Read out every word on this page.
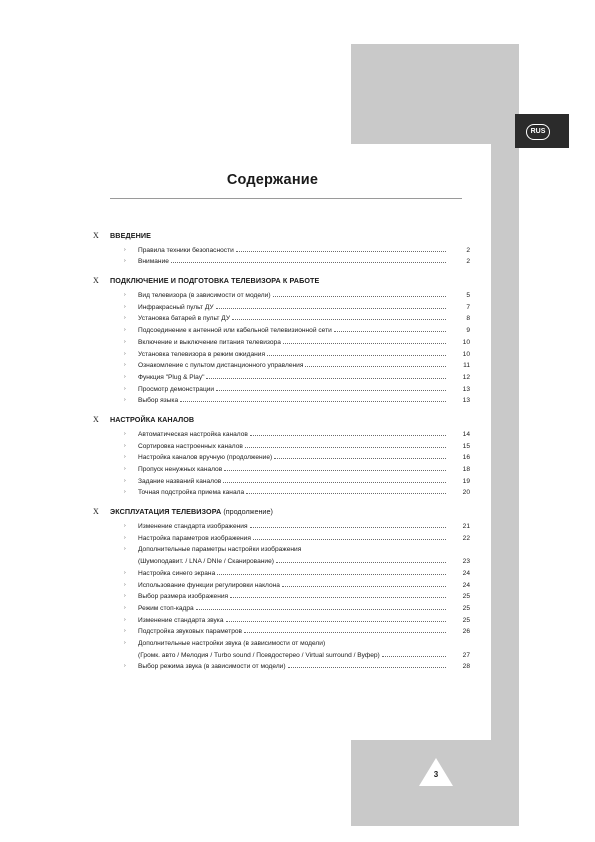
RUS
3
Содержание
X	ВВЕДЕНИЕ
›	Правила техники безопасности	2
›	Внимание	2
X	ПОДКЛЮЧЕНИЕ И ПОДГОТОВКА ТЕЛЕВИЗОРА К РАБОТЕ
›	Вид телевизора (в зависимости от модели)	5
›	Инфракрасный пульт ДУ	7
›	Установка батарей в пульт ДУ	8
›	Подсоединение к антенной или кабельной телевизионной сети	9
›	Включение и выключение питания телевизора	10
›	Установка телевизора в режим ожидания	10
›	Ознакомление с пультом дистанционного управления	11
›	Функция "Plug & Play"	12
›	Просмотр демонстрации	13
›	Выбор языка	13
X	НАСТРОЙКА КАНАЛОВ
›	Автоматическая настройка каналов	14
›	Сортировка настроенных каналов	15
›	Настройка каналов вручную (продолжение)	16
›	Пропуск ненужных каналов	18
›	Задание названий каналов	19
›	Точная подстройка приема канала	20
X	ЭКСПЛУАТАЦИЯ ТЕЛЕВИЗОРА (продолжение)
›	Изменение стандарта изображения	21
›	Настройка параметров изображения	22
›	Дополнительные параметры настройки изображения
(Шумоподавит. / LNA / DNIe / Сканирование)	23
›	Настройка синего экрана	24
›	Использование функции регулировки наклона	24
›	Выбор размера изображения	25
›	Режим стоп-кадра	25
›	Изменение стандарта звука	25
›	Подстройка звуковых параметров	26
›	Дополнительные настройки звука (в зависимости от модели)
(Громк. авто / Мелодия / Turbo sound / Псевдостерео / Virtual surround / Вуфер)	27
›	Выбор режима звука (в зависимости от модели)	28
